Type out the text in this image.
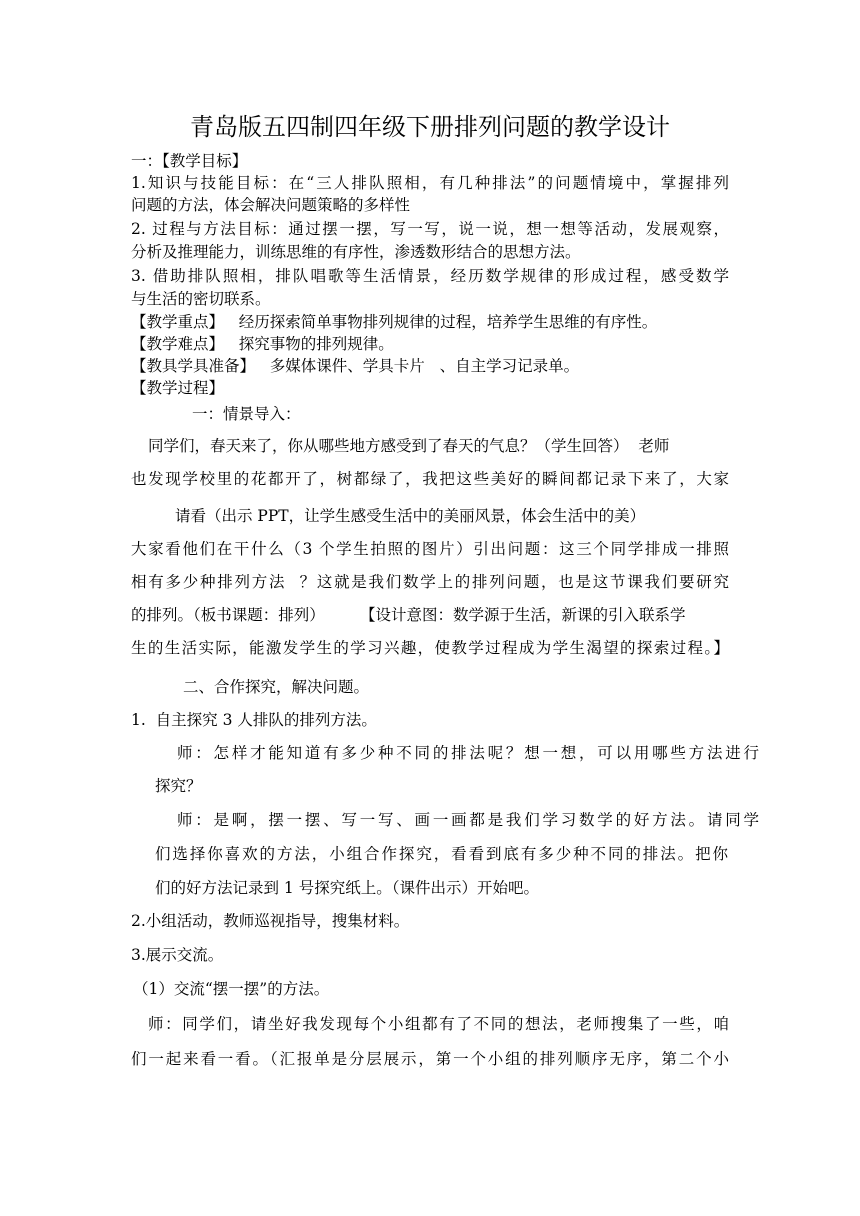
青岛版五四制四年级下册排列问题的教学设计
一：【教学目标】
1.知识与技能目标：在“三人排队照相，有几种排法”的问题情境中，掌握排列
问题的方法，体会解决问题策略的多样性
2. 过程与方法目标：通过摆一摆，写一写，说一说，想一想等活动，发展观察，
分析及推理能力，训练思维的有序性，渗透数形结合的思想方法。
3. 借助排队照相，排队唱歌等生活情景，经历数学规律的形成过程，感受数学
与生活的密切联系。
【教学重点】   经历探索简单事物排列规律的过程，培养学生思维的有序性。
【教学难点】   探究事物的排列规律。
【教具学具准备】   多媒体课件、学具卡片   、自主学习记录单。
【教学过程】
一：情景导入：
同学们，春天来了，你从哪些地方感受到了春天的气息？（学生回答）  老师
也发现学校里的花都开了，树都绿了，我把这些美好的瞬间都记录下来了，大家
请看（出示 PPT，让学生感受生活中的美丽风景，体会生活中的美）
大家看他们在干什么（3 个学生拍照的图片）引出问题：这三个同学排成一排照
相有多少种排列方法  ？这就是我们数学上的排列问题，也是这节课我们要研究
的排列。（板书课题：排列） 【设计意图：数学源于生活，新课的引入联系学
生的生活实际，能激发学生的学习兴趣，使教学过程成为学生渴望的探索过程。】
二、合作探究，解决问题。
1.  自主探究 3 人排队的排列方法。
师：怎样才能知道有多少种不同的排法呢？想一想，可以用哪些方法进行
探究？
师：是啊，摆一摆、写一写、画一画都是我们学习数学的好方法。请同学
们选择你喜欢的方法，小组合作探究，看看到底有多少种不同的排法。把你
们的好方法记录到 1 号探究纸上。（课件出示）开始吧。
2.小组活动，教师巡视指导，搜集材料。
3.展示交流。
（1）交流“摆一摆”的方法。
师：同学们，请坐好我发现每个小组都有了不同的想法，老师搜集了一些，咱
们一起来看一看。（汇报单是分层展示，第一个小组的排列顺序无序，第二个小
